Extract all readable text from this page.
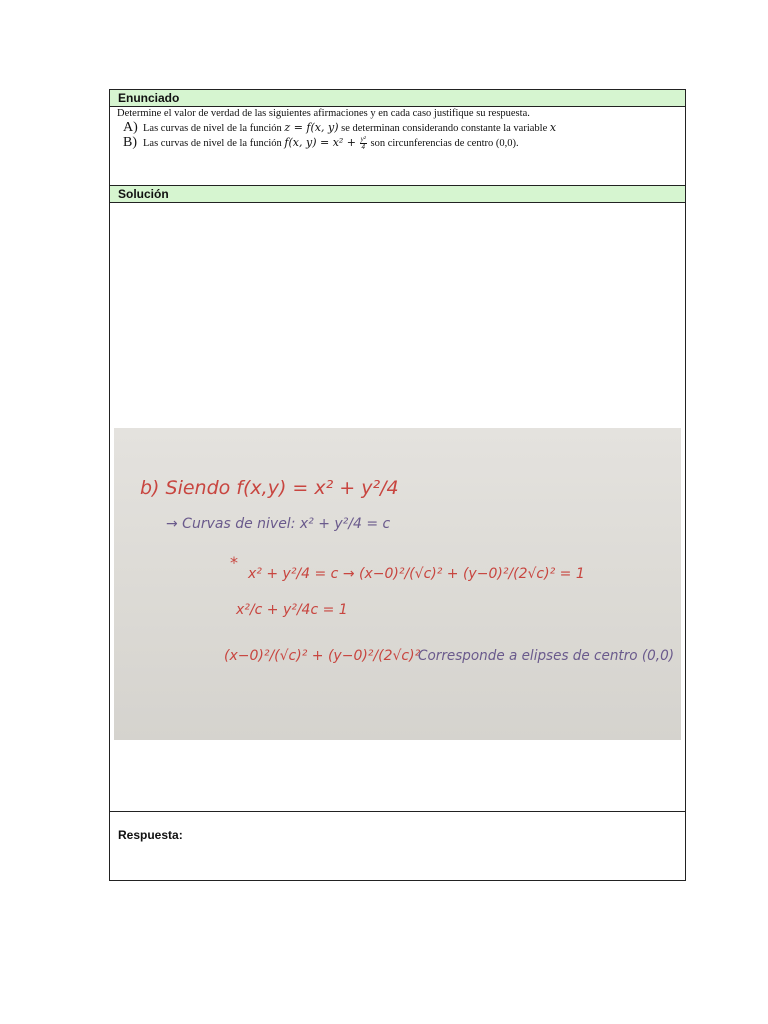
Enunciado
Determine el valor de verdad de las siguientes afirmaciones y en cada caso justifique su respuesta.
A) Las curvas de nivel de la función z = f(x, y) se determinan considerando constante la variable x
B) Las curvas de nivel de la función f(x, $y) = x^2 + \frac{\text{y²}}{4}$ son circunferencias de centro (0,0).
Solución
b) Siendo f(x,y) = x² + y²/4
→ Curvas de nivel: x² + y²/4 = c
*
x² + y²/4 = c → (x−0)²/(√c)² + (y−0)²/(2√c)² = 1
x²/c + y²/4c = 1
(x−0)²/(√c)² + (y−0)²/(2√c)²
Corresponde a elipses de centro (0,0)
Respuesta:
